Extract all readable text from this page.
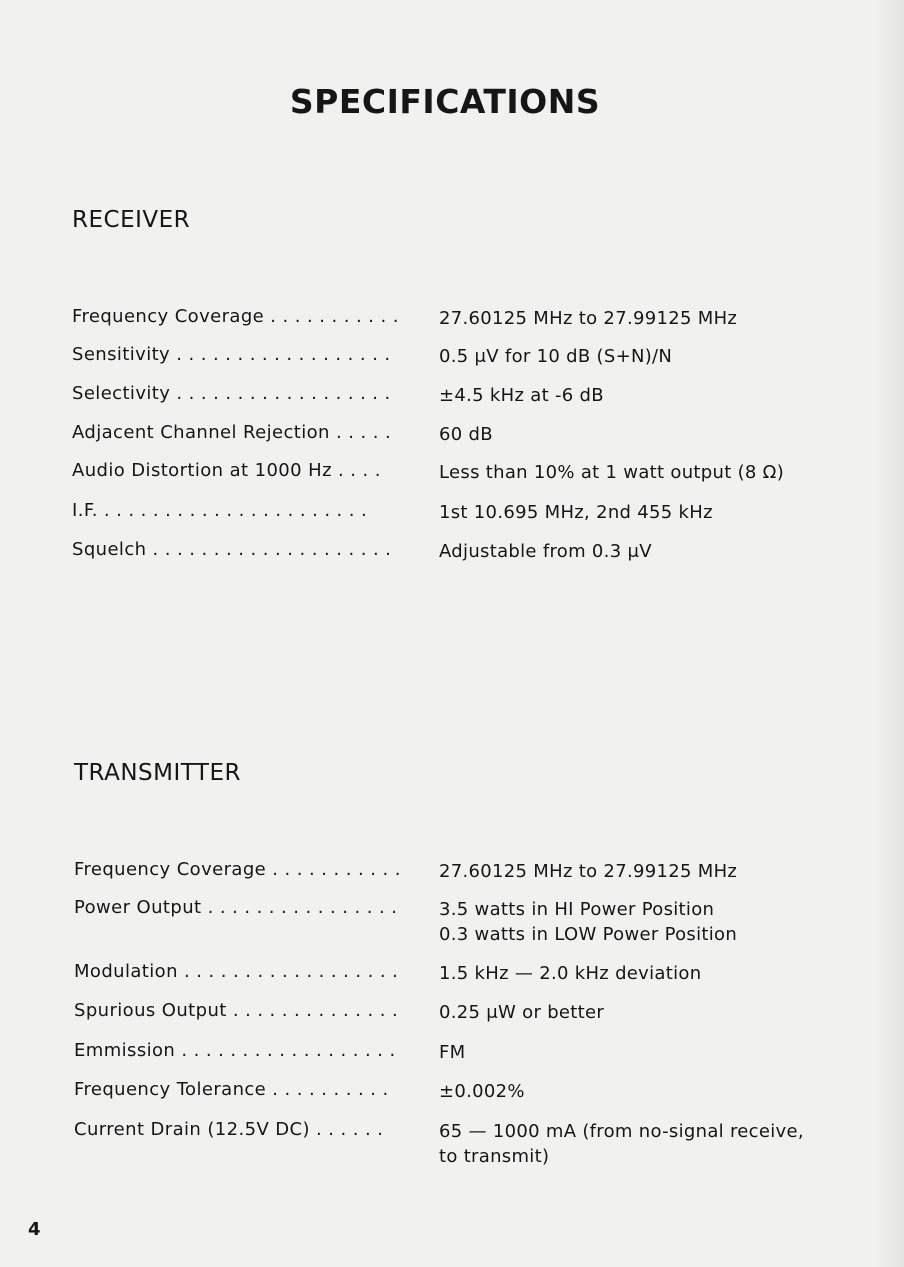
SPECIFICATIONS
RECEIVER
Frequency Coverage . . . . . . . . . . .	27.60125 MHz to 27.99125 MHz
Sensitivity . . . . . . . . . . . . . . . . . .	0.5 μV for 10 dB (S+N)/N
Selectivity . . . . . . . . . . . . . . . . . .	±4.5 kHz at -6 dB
Adjacent Channel Rejection . . . . .	60 dB
Audio Distortion at 1000 Hz . . . .	Less than 10% at 1 watt output (8 Ω)
I.F. . . . . . . . . . . . . . . . . . . . . . .	1st 10.695 MHz, 2nd 455 kHz
Squelch . . . . . . . . . . . . . . . . . . . .	Adjustable from 0.3 μV
TRANSMITTER
Frequency Coverage . . . . . . . . . . .	27.60125 MHz to 27.99125 MHz
Power Output . . . . . . . . . . . . . . . .	3.5 watts in HI Power Position
0.3 watts in LOW Power Position
Modulation . . . . . . . . . . . . . . . . . .	1.5 kHz — 2.0 kHz deviation
Spurious Output . . . . . . . . . . . . . .	0.25 μW or better
Emmission . . . . . . . . . . . . . . . . . .	FM
Frequency Tolerance . . . . . . . . . .	±0.002%
Current Drain (12.5V DC) . . . . . .	65 — 1000 mA (from no-signal receive,
to transmit)
4
